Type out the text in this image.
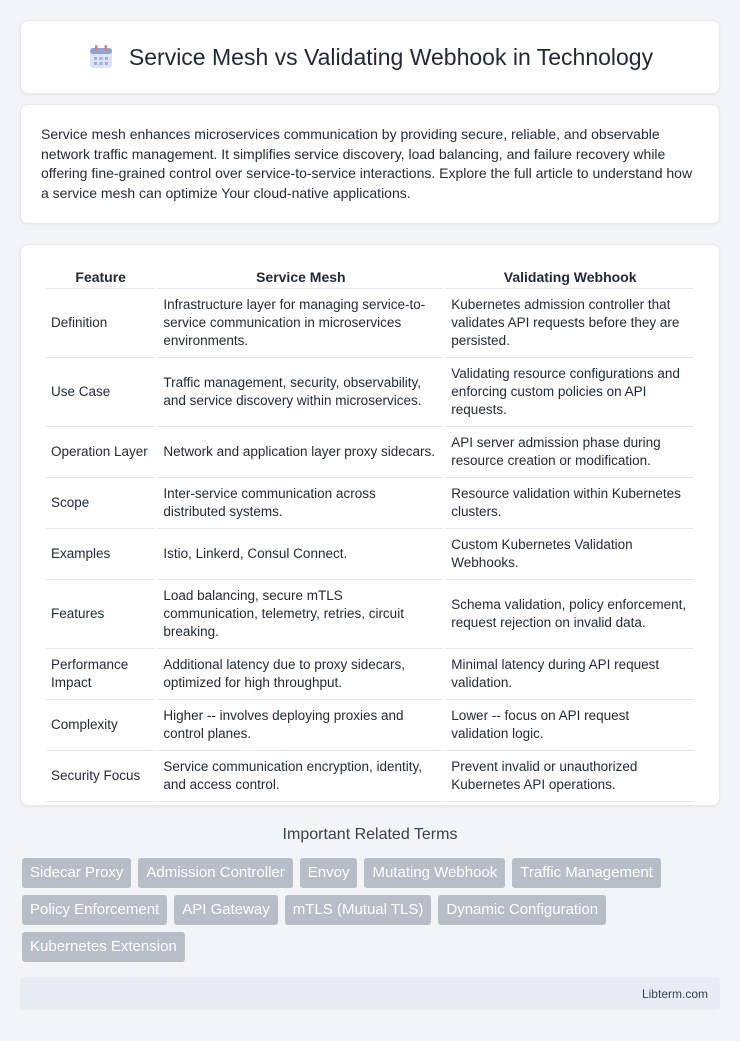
Service Mesh vs Validating Webhook in Technology

Service mesh enhances microservices communication by providing secure, reliable, and observable network traffic management. It simplifies service discovery, load balancing, and failure recovery while offering fine-grained control over service-to-service interactions. Explore the full article to understand how a service mesh can optimize Your cloud-native applications.

Feature	Service Mesh	Validating Webhook
Definition	Infrastructure layer for managing service-to-service communication in microservices environments.	Kubernetes admission controller that validates API requests before they are persisted.
Use Case	Traffic management, security, observability, and service discovery within microservices.	Validating resource configurations and enforcing custom policies on API requests.
Operation Layer	Network and application layer proxy sidecars.	API server admission phase during resource creation or modification.
Scope	Inter-service communication across distributed systems.	Resource validation within Kubernetes clusters.
Examples	Istio, Linkerd, Consul Connect.	Custom Kubernetes Validation Webhooks.
Features	Load balancing, secure mTLS communication, telemetry, retries, circuit breaking.	Schema validation, policy enforcement, request rejection on invalid data.
Performance Impact	Additional latency due to proxy sidecars, optimized for high throughput.	Minimal latency during API request validation.
Complexity	Higher -- involves deploying proxies and control planes.	Lower -- focus on API request validation logic.
Security Focus	Service communication encryption, identity, and access control.	Prevent invalid or unauthorized Kubernetes API operations.
Important Related Terms
Sidecar Proxy	Admission Controller	Envoy	Mutating Webhook	Traffic Management
Policy Enforcement	API Gateway	mTLS (Mutual TLS)	Dynamic Configuration
Kubernetes Extension
Libterm.com
